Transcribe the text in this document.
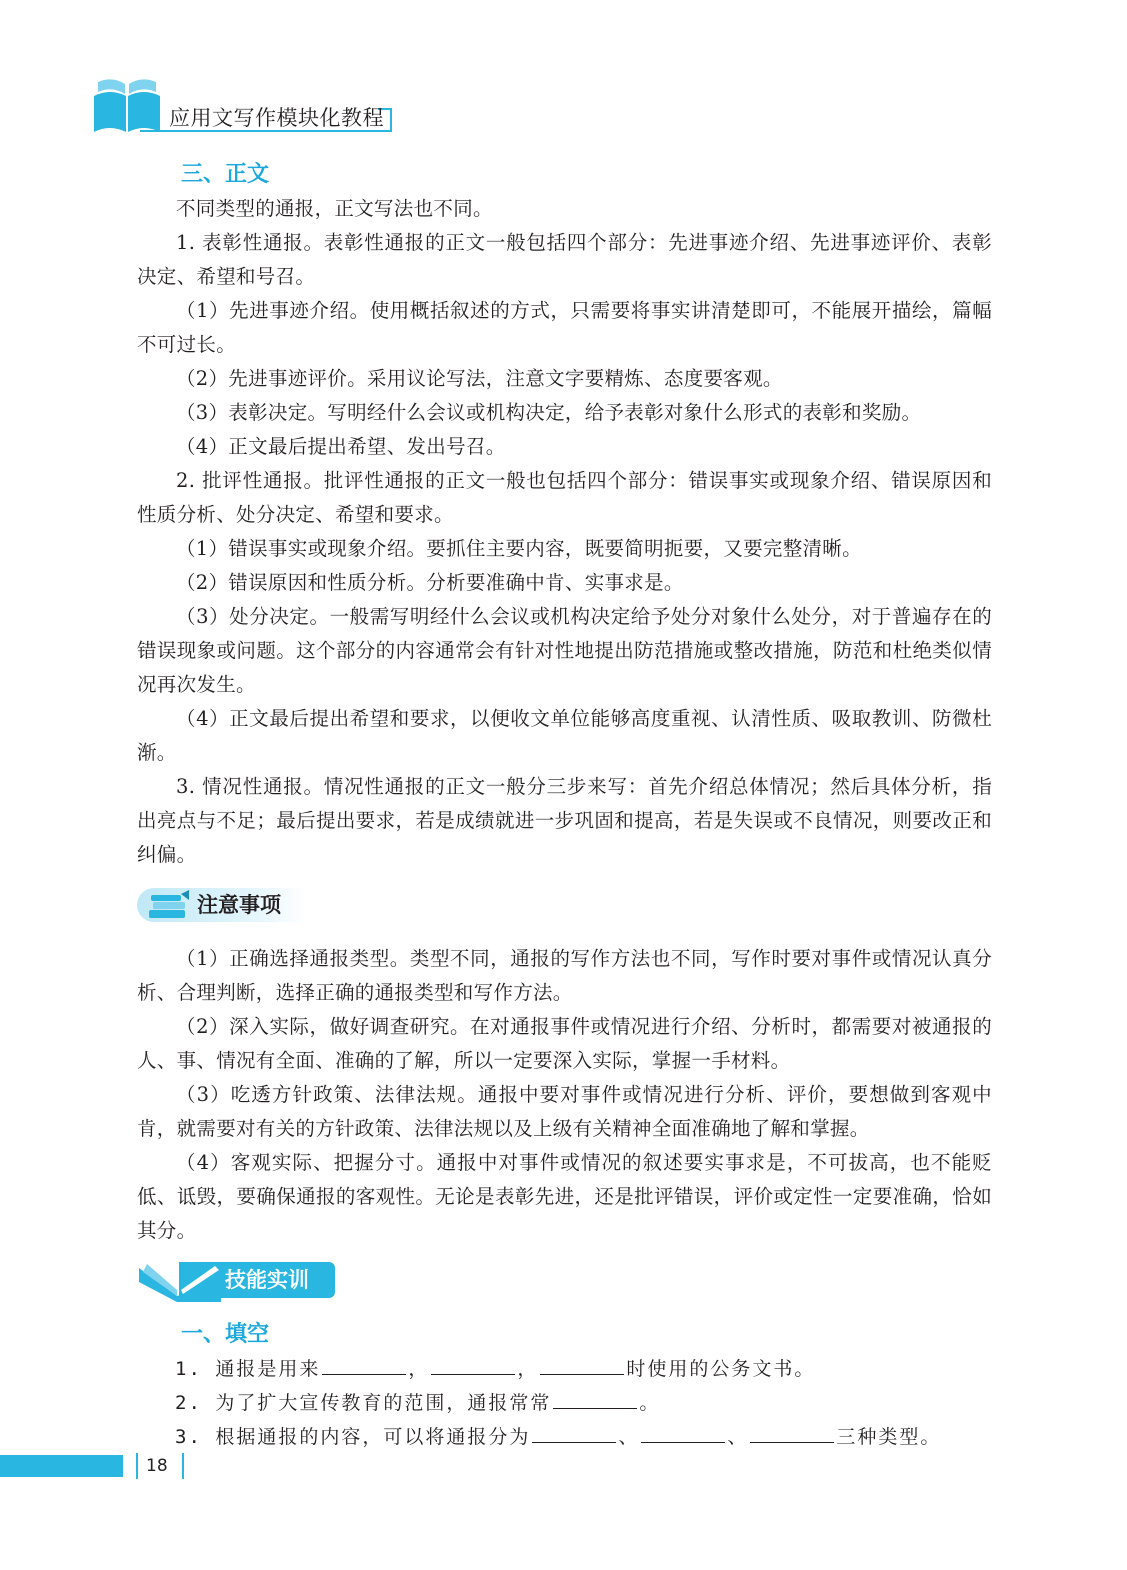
应用文写作模块化教程
三、正文

不同类型的通报，正文写法也不同。

1. 表彰性通报。表彰性通报的正文一般包括四个部分：先进事迹介绍、先进事迹评价、表彰决定、希望和号召。

（1）先进事迹介绍。使用概括叙述的方式，只需要将事实讲清楚即可，不能展开描绘，篇幅不可过长。

（2）先进事迹评价。采用议论写法，注意文字要精炼、态度要客观。

（3）表彰决定。写明经什么会议或机构决定，给予表彰对象什么形式的表彰和奖励。

（4）正文最后提出希望、发出号召。

2. 批评性通报。批评性通报的正文一般也包括四个部分：错误事实或现象介绍、错误原因和性质分析、处分决定、希望和要求。

（1）错误事实或现象介绍。要抓住主要内容，既要简明扼要，又要完整清晰。

（2）错误原因和性质分析。分析要准确中肯、实事求是。

（3）处分决定。一般需写明经什么会议或机构决定给予处分对象什么处分，对于普遍存在的错误现象或问题。这个部分的内容通常会有针对性地提出防范措施或整改措施，防范和杜绝类似情况再次发生。

（4）正文最后提出希望和要求，以便收文单位能够高度重视、认清性质、吸取教训、防微杜渐。

3. 情况性通报。情况性通报的正文一般分三步来写：首先介绍总体情况；然后具体分析，指出亮点与不足；最后提出要求，若是成绩就进一步巩固和提高，若是失误或不良情况，则要改正和纠偏。

注意事项

（1）正确选择通报类型。类型不同，通报的写作方法也不同，写作时要对事件或情况认真分析、合理判断，选择正确的通报类型和写作方法。

（2）深入实际，做好调查研究。在对通报事件或情况进行介绍、分析时，都需要对被通报的人、事、情况有全面、准确的了解，所以一定要深入实际，掌握一手材料。

（3）吃透方针政策、法律法规。通报中要对事件或情况进行分析、评价，要想做到客观中肯，就需要对有关的方针政策、法律法规以及上级有关精神全面准确地了解和掌握。

（4）客观实际、把握分寸。通报中对事件或情况的叙述要实事求是，不可拔高，也不能贬低、诋毁，要确保通报的客观性。无论是表彰先进，还是批评错误，评价或定性一定要准确，恰如其分。

技能实训
一、填空

1. 通报是用来	，	，	时使用的公务文书。

2. 为了扩大宣传教育的范围，通报常常	。

3. 根据通报的内容，可以将通报分为	、	、	三种类型。

18
